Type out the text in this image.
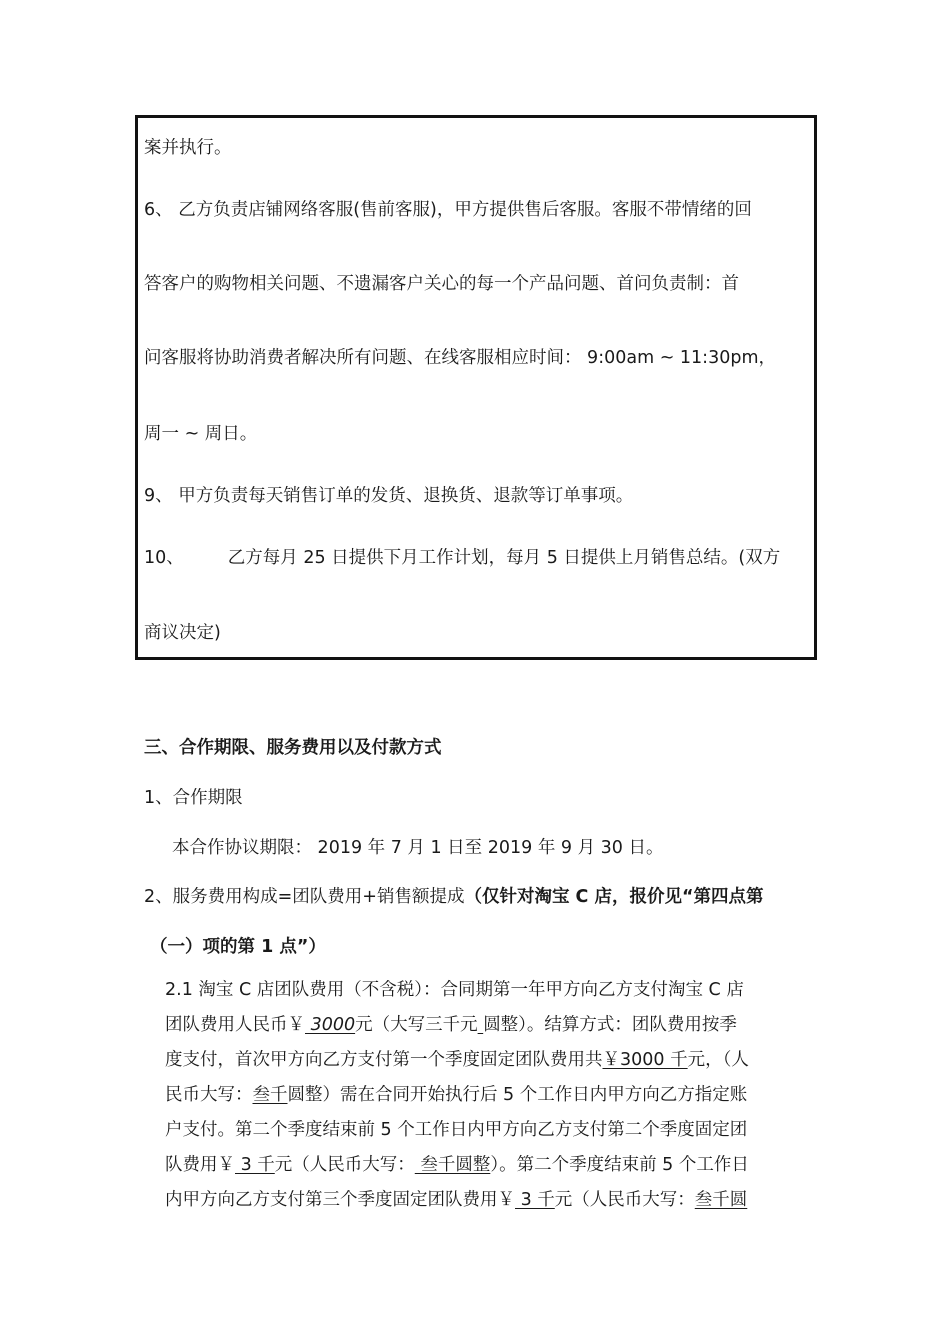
案并执行。
6、 乙方负责店铺网络客服(售前客服)，甲方提供售后客服。客服不带情绪的回
答客户的购物相关问题、不遗漏客户关心的每一个产品问题、首问负责制：首
问客服将协助消费者解决所有问题、在线客服相应时间： 9:00am ~ 11:30pm，
周一 ~ 周日。
9、 甲方负责每天销售订单的发货、退换货、退款等订单事项。
10、	乙方每月 25 日提供下月工作计划，每月 5 日提供上月销售总结。(双方
商议决定)
三、合作期限、服务费用以及付款方式
1、合作期限
本合作协议期限： 2019 年 7 月 1 日至 2019 年 9 月 30 日。
2、服务费用构成=团队费用+销售额提成（仅针对淘宝 C 店，报价见“第四点第
（一）项的第 1 点”）
2.1 淘宝 C 店团队费用（不含税）：合同期第一年甲方向乙方支付淘宝 C 店
团队费用人民币￥ 3000元（大写三千元 圆整）。结算方式：团队费用按季
度支付，首次甲方向乙方支付第一个季度固定团队费用共￥3000 千元，（人
民币大写：叁千圆整）需在合同开始执行后 5 个工作日内甲方向乙方指定账
户支付。第二个季度结束前 5 个工作日内甲方向乙方支付第二个季度固定团
队费用￥ 3 千元（人民币大写： 叁千圆整）。第二个季度结束前 5 个工作日
内甲方向乙方支付第三个季度固定团队费用￥ 3 千元（人民币大写：叁千圆
